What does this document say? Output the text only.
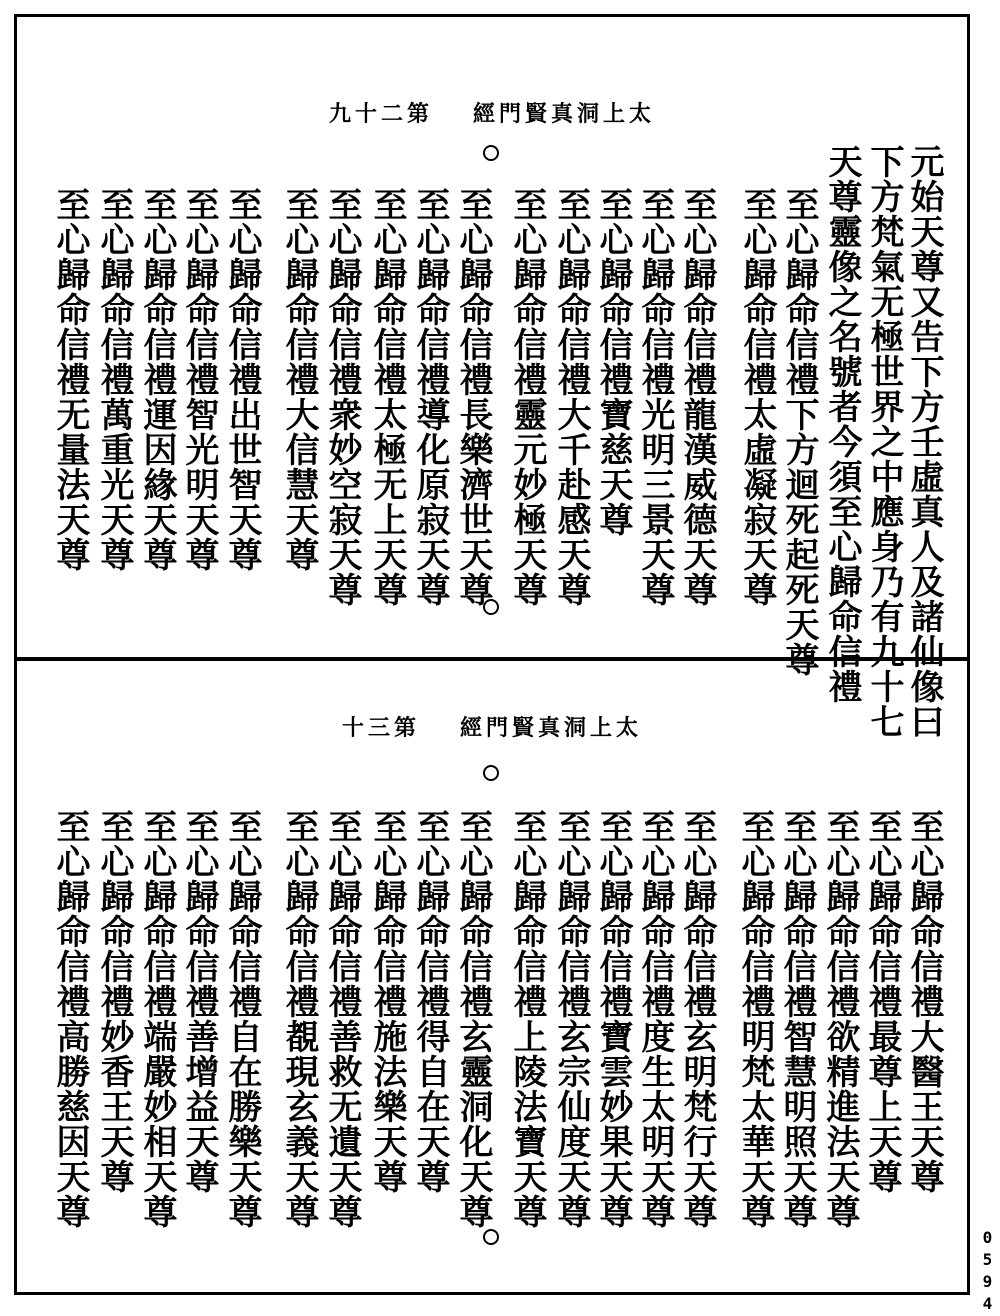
太上洞真賢門經第二十九
元始天尊又告下方壬虛真人及諸仙像曰
下方梵氣无極世界之中應身乃有九十七
天尊靈像之名號者今須至心歸命信禮
至心歸命信禮下方迴死起死天尊
至心歸命信禮太虛凝寂天尊
至心歸命信禮龍漢威德天尊
至心歸命信禮光明三景天尊
至心歸命信禮寶慈天尊
至心歸命信禮大千赴感天尊
至心歸命信禮靈元妙極天尊
至心歸命信禮長樂濟世天尊
至心歸命信禮導化原寂天尊
至心歸命信禮太極无上天尊
至心歸命信禮衆妙空寂天尊
至心歸命信禮大信慧天尊
至心歸命信禮出世智天尊
至心歸命信禮智光明天尊
至心歸命信禮運因緣天尊
至心歸命信禮萬重光天尊
至心歸命信禮无量法天尊
太上洞真賢門經第三十
至心歸命信禮大醫王天尊
至心歸命信禮最尊上天尊
至心歸命信禮欲精進法天尊
至心歸命信禮智慧明照天尊
至心歸命信禮明梵太華天尊
至心歸命信禮玄明梵行天尊
至心歸命信禮度生太明天尊
至心歸命信禮寶雲妙果天尊
至心歸命信禮玄宗仙度天尊
至心歸命信禮上陵法寶天尊
至心歸命信禮玄靈洞化天尊
至心歸命信禮得自在天尊
至心歸命信禮施法樂天尊
至心歸命信禮善救无遺天尊
至心歸命信禮覩現玄義天尊
至心歸命信禮自在勝樂天尊
至心歸命信禮善增益天尊
至心歸命信禮端嚴妙相天尊
至心歸命信禮妙香王天尊
至心歸命信禮高勝慈因天尊
0594
